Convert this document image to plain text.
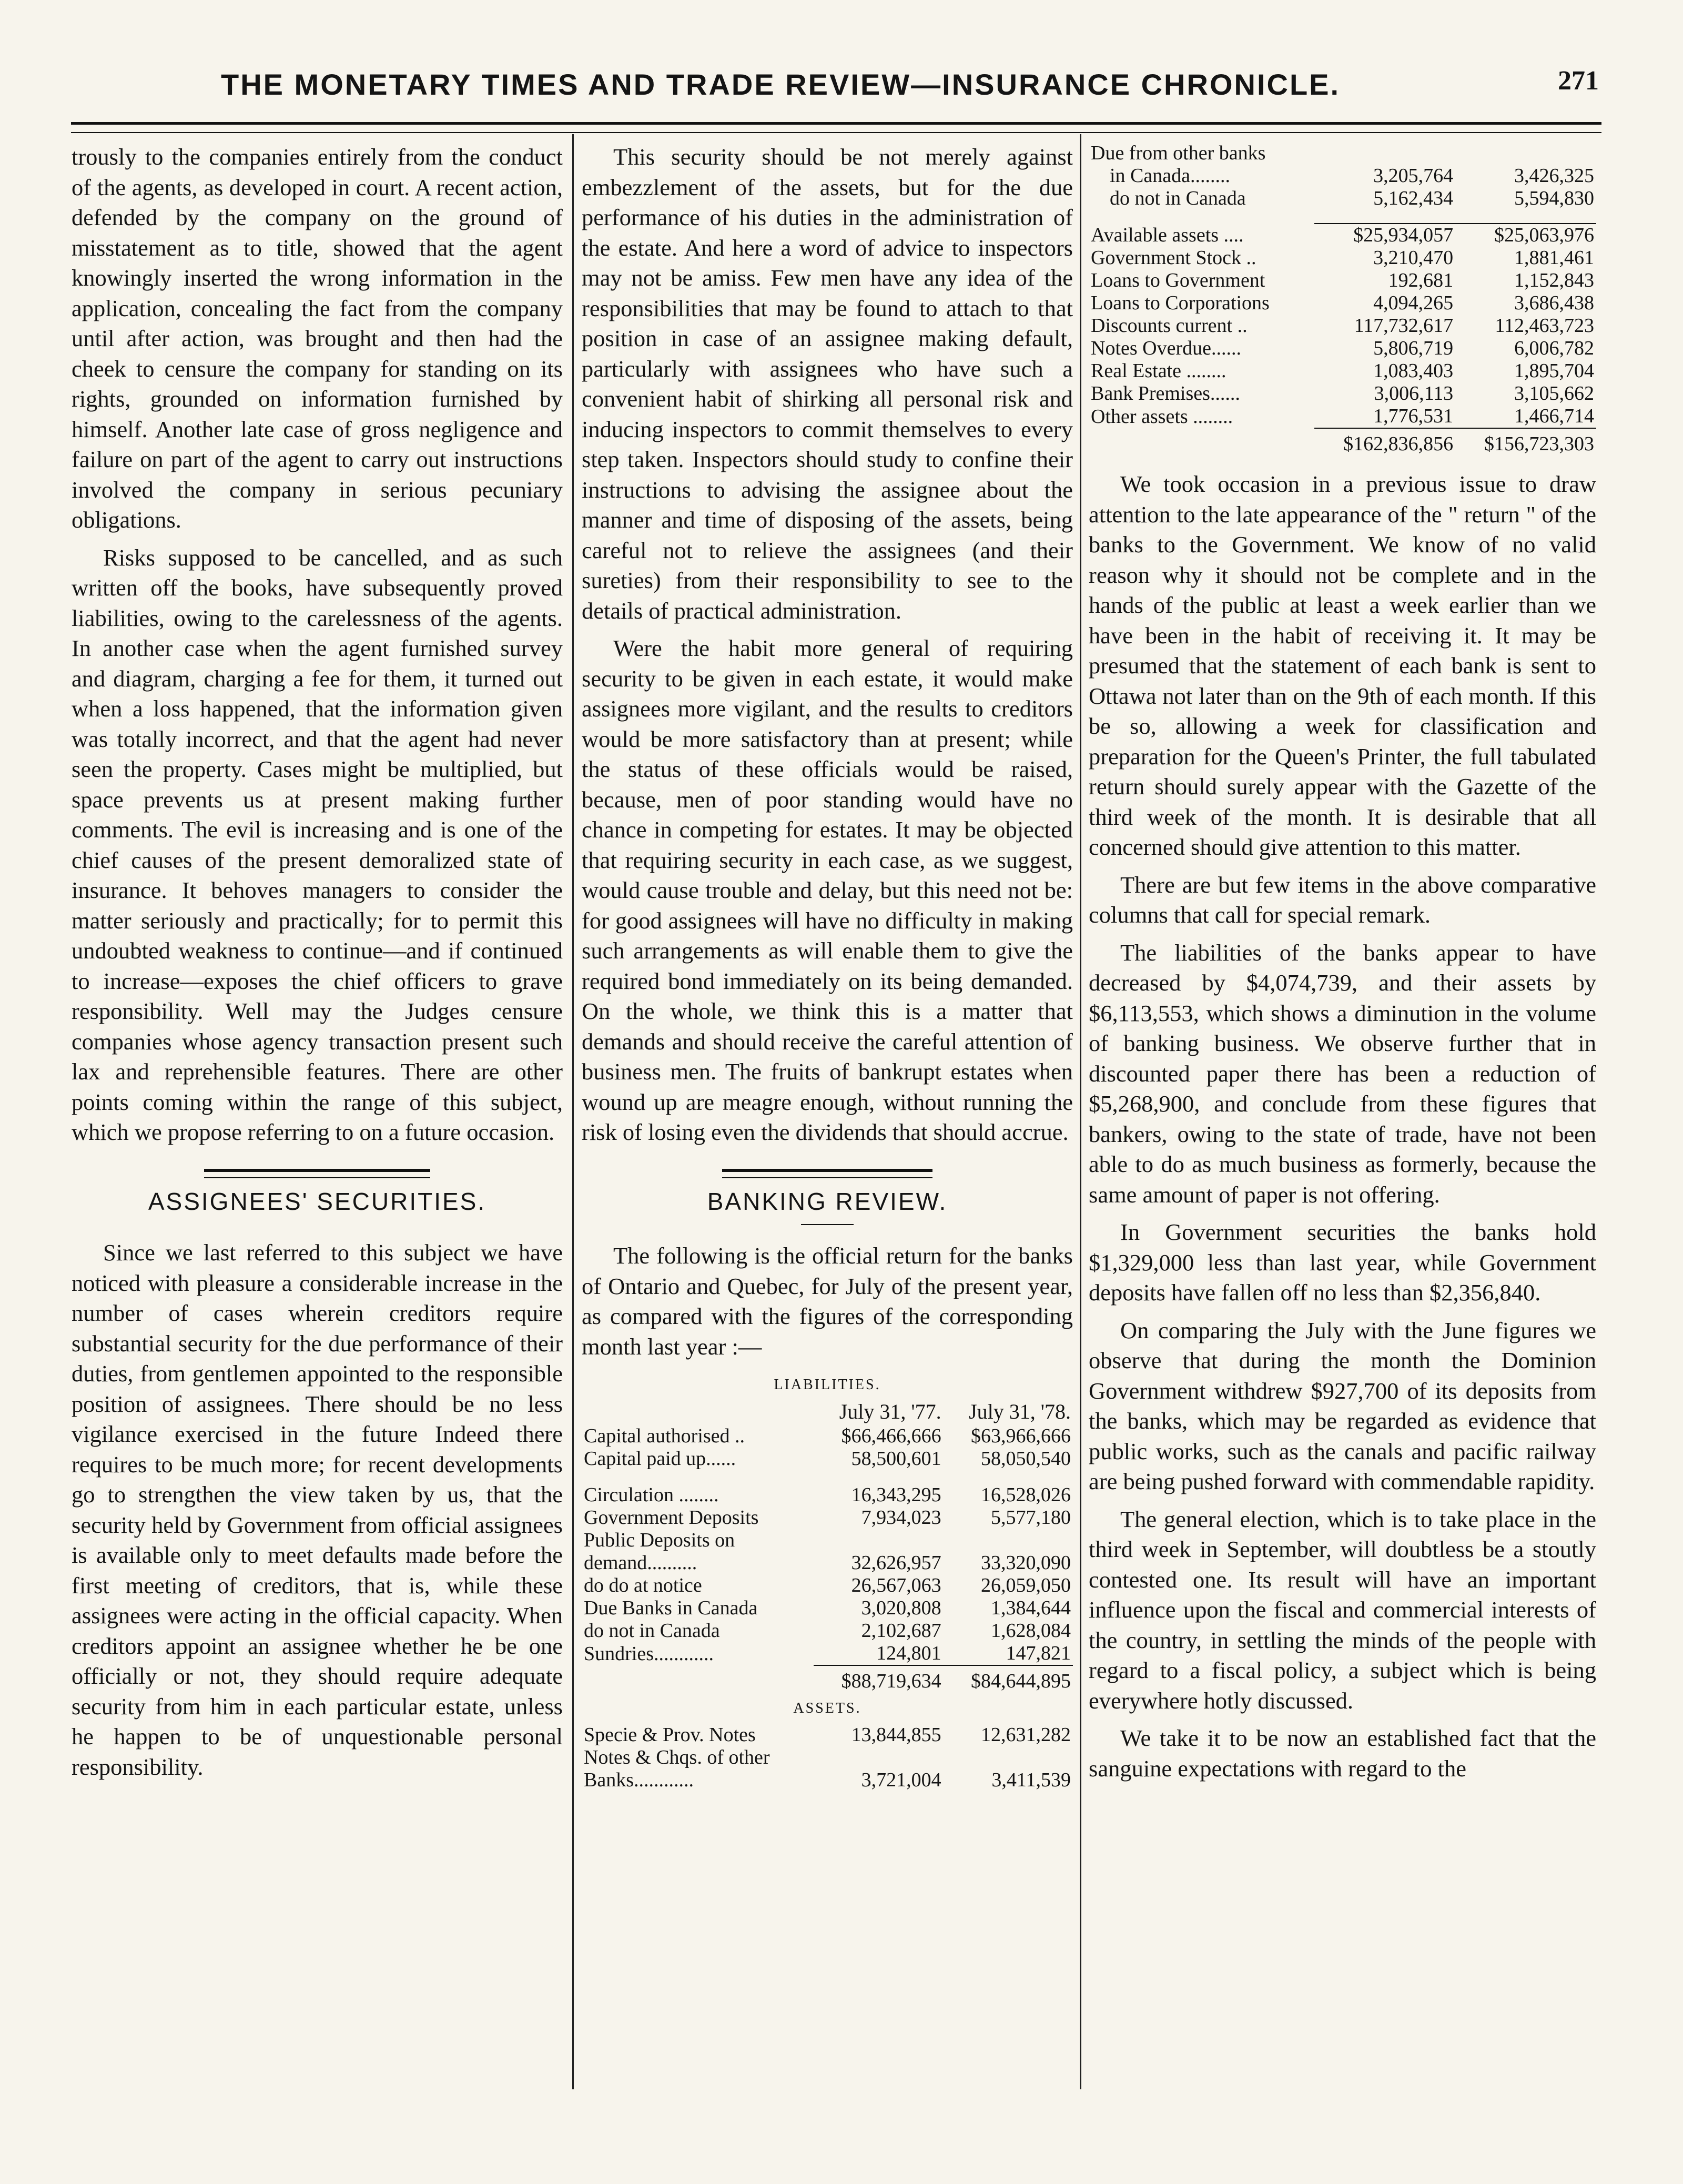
THE MONETARY TIMES AND TRADE REVIEW—INSURANCE CHRONICLE.	271

trously to the companies entirely from the conduct of the agents, as developed in court. A recent action, defended by the company on the ground of misstatement as to title, showed that the agent knowingly inserted the wrong information in the application, concealing the fact from the company until after action, was brought and then had the cheek to censure the company for standing on its rights, grounded on information furnished by himself. Another late case of gross negligence and failure on part of the agent to carry out instructions involved the company in serious pecuniary obligations.

Risks supposed to be cancelled, and as such written off the books, have subsequently proved liabilities, owing to the carelessness of the agents. In another case when the agent furnished survey and diagram, charging a fee for them, it turned out when a loss happened, that the information given was totally incorrect, and that the agent had never seen the property. Cases might be multiplied, but space prevents us at present making further comments. The evil is increasing and is one of the chief causes of the present demoralized state of insurance. It behoves managers to consider the matter seriously and practically; for to permit this undoubted weakness to continue—and if continued to increase—exposes the chief officers to grave responsibility. Well may the Judges censure companies whose agency transaction present such lax and reprehensible features. There are other points coming within the range of this subject, which we propose referring to on a future occasion.

ASSIGNEES' SECURITIES.

Since we last referred to this subject we have noticed with pleasure a considerable increase in the number of cases wherein creditors require substantial security for the due performance of their duties, from gentlemen appointed to the responsible position of assignees. There should be no less vigilance exercised in the future Indeed there requires to be much more; for recent developments go to strengthen the view taken by us, that the security held by Government from official assignees is available only to meet defaults made before the first meeting of creditors, that is, while these assignees were acting in the official capacity. When creditors appoint an assignee whether he be one officially or not, they should require adequate security from him in each particular estate, unless he happen to be of unquestionable personal responsibility.

This security should be not merely against embezzlement of the assets, but for the due performance of his duties in the administration of the estate. And here a word of advice to inspectors may not be amiss. Few men have any idea of the responsibilities that may be found to attach to that position in case of an assignee making default, particularly with assignees who have such a convenient habit of shirking all personal risk and inducing inspectors to commit themselves to every step taken. Inspectors should study to confine their instructions to advising the assignee about the manner and time of disposing of the assets, being careful not to relieve the assignees (and their sureties) from their responsibility to see to the details of practical administration.

Were the habit more general of requiring security to be given in each estate, it would make assignees more vigilant, and the results to creditors would be more satisfactory than at present; while the status of these officials would be raised, because, men of poor standing would have no chance in competing for estates. It may be objected that requiring security in each case, as we suggest, would cause trouble and delay, but this need not be: for good assignees will have no difficulty in making such arrangements as will enable them to give the required bond immediately on its being demanded. On the whole, we think this is a matter that demands and should receive the careful attention of business men. The fruits of bankrupt estates when wound up are meagre enough, without running the risk of losing even the dividends that should accrue.

BANKING REVIEW.

The following is the official return for the banks of Ontario and Quebec, for July of the present year, as compared with the figures of the corresponding month last year :—

LIABILITIES.		
	July 31, '77.	July 31, '78.
Capital authorised ..	$66,466,666	$63,966,666
Capital paid up......	58,500,601	58,050,540

Circulation ........	16,343,295	16,528,026
Government Deposits	7,934,023	5,577,180
Public Deposits on		
demand..........	32,626,957	33,320,090
do do at notice	26,567,063	26,059,050
Due Banks in Canada	3,020,808	1,384,644
do not in Canada	2,102,687	1,628,084
Sundries............	124,801	147,821
	$88,719,634	$84,644,895
ASSETS.		
Specie & Prov. Notes	13,844,855	12,631,282
Notes & Chqs. of other		
Banks............	3,721,004	3,411,539
Due from other banks		
in Canada........	3,205,764	3,426,325
do not in Canada	5,162,434	5,594,830

Available assets ....	$25,934,057	$25,063,976
Government Stock ..	3,210,470	1,881,461
Loans to Government	192,681	1,152,843
Loans to Corporations	4,094,265	3,686,438
Discounts current ..	117,732,617	112,463,723
Notes Overdue......	5,806,719	6,006,782
Real Estate ........	1,083,403	1,895,704
Bank Premises......	3,006,113	3,105,662
Other assets ........	1,776,531	1,466,714
	$162,836,856	$156,723,303

We took occasion in a previous issue to draw attention to the late appearance of the " return " of the banks to the Government. We know of no valid reason why it should not be complete and in the hands of the public at least a week earlier than we have been in the habit of receiving it. It may be presumed that the statement of each bank is sent to Ottawa not later than on the 9th of each month. If this be so, allowing a week for classification and preparation for the Queen's Printer, the full tabulated return should surely appear with the Gazette of the third week of the month. It is desirable that all concerned should give attention to this matter.

There are but few items in the above comparative columns that call for special remark.

The liabilities of the banks appear to have decreased by $4,074,739, and their assets by $6,113,553, which shows a diminution in the volume of banking business. We observe further that in discounted paper there has been a reduction of $5,268,900, and conclude from these figures that bankers, owing to the state of trade, have not been able to do as much business as formerly, because the same amount of paper is not offering.

In Government securities the banks hold $1,329,000 less than last year, while Government deposits have fallen off no less than $2,356,840.

On comparing the July with the June figures we observe that during the month the Dominion Government withdrew $927,700 of its deposits from the banks, which may be regarded as evidence that public works, such as the canals and pacific railway are being pushed forward with commendable rapidity.

The general election, which is to take place in the third week in September, will doubtless be a stoutly contested one. Its result will have an important influence upon the fiscal and commercial interests of the country, in settling the minds of the people with regard to a fiscal policy, a subject which is being everywhere hotly discussed.

We take it to be now an established fact that the sanguine expectations with regard to the
